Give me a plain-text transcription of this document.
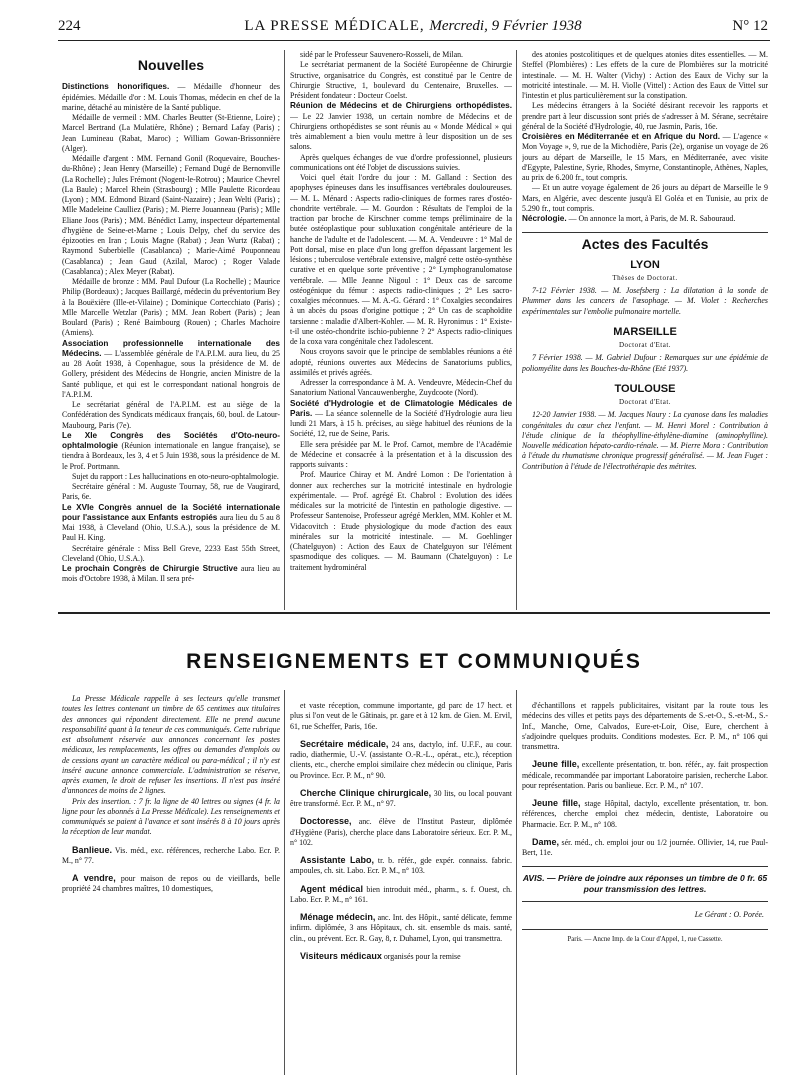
224	LA PRESSE MÉDICALE, Mercredi, 9 Février 1938	N° 12
Nouvelles

Distinctions honorifiques. — Médaille d'honneur des épidémies. Médaille d'or : M. Louis Thomas, médecin en chef de la marine, détaché au ministère de la Santé publique.

Médaille de vermeil : MM. Charles Beutter (St-Etienne, Loire) ; Marcel Bertrand (La Mulatière, Rhône) ; Bernard Lafay (Paris) ; Jean Lumineau (Rabat, Maroc) ; William Gowan-Brissonnière (Alger).

Médaille d'argent : MM. Fernand Gonil (Roquevaire, Bouches-du-Rhône) ; Jean Henry (Marseille) ; Fernand Dugé de Bernonville (La Rochelle) ; Jules Frémont (Nogent-le-Rotrou) ; Maurice Chevrel (La Baule) ; Marcel Rhein (Strasbourg) ; Mlle Paulette Ricordeau (Lyon) ; MM. Edmond Bizard (Saint-Nazaire) ; Jean Welti (Paris) ; Mlle Madeleine Caulliez (Paris) ; M. Pierre Jouanneau (Paris) ; Mlle Eliane Joos (Paris) ; MM. Bénédict Lamy, inspecteur départemental d'hygiène de Seine-et-Marne ; Louis Delpy, chef du service des épizooties en Iran ; Louis Magne (Rabat) ; Jean Wurtz (Rabat) ; Raymond Suberbielle (Casablanca) ; Marie-Aimé Pouponneau (Casablanca) ; Jean Gaud (Azilal, Maroc) ; Roger Valade (Casablanca) ; Alex Meyer (Rabat).

Médaille de bronze : MM. Paul Dufour (La Rochelle) ; Maurice Philip (Bordeaux) ; Jacques Baillargé, médecin du préventorium Bey à la Bouëxière (Ille-et-Vilaine) ; Dominique Cortecchiato (Paris) ; Mlle Marcelle Wetzlar (Paris) ; MM. Jean Robert (Paris) ; Jean Boulard (Paris) ; René Baimbourg (Rouen) ; Charles Machoire (Amiens).

Association professionnelle internationale des Médecins. — L'assemblée générale de l'A.P.I.M. aura lieu, du 25 au 28 Août 1938, à Copenhague, sous la présidence de M. de Gollery, président des Médecins de Hongrie, ancien Ministre de la Santé publique, et qui est le correspondant national hongrois de l'A.P.I.M.

Le secrétariat général de l'A.P.I.M. est au siège de la Confédération des Syndicats médicaux français, 60, boul. de Latour-Maubourg, Paris (7e).

Le XIe Congrès des Sociétés d'Oto-neuro-ophtalmologie (Réunion internationale en langue française), se tiendra à Bordeaux, les 3, 4 et 5 Juin 1938, sous la présidence de M. le Prof. Portmann.

Sujet du rapport : Les hallucinations en oto-neuro-ophtalmologie.

Secrétaire général : M. Auguste Tournay, 58, rue de Vaugirard, Paris, 6e.

Le XVIe Congrès annuel de la Société internationale pour l'assistance aux Enfants estropiés aura lieu du 5 au 8 Mai 1938, à Cleveland (Ohio, U.S.A.), sous la présidence de M. Paul H. King.

Secrétaire générale : Miss Bell Greve, 2233 East 55th Street, Cleveland (Ohio, U.S.A.).

Le prochain Congrès de Chirurgie Structive aura lieu au mois d'Octobre 1938, à Milan. Il sera pré-

sidé par le Professeur Sauvenero-Rosseli, de Milan.

Le secrétariat permanent de la Société Européenne de Chirurgie Structive, organisatrice du Congrès, est constitué par le Centre de Chirurgie Structive, 1, boulevard du Centenaire, Bruxelles. — Président fondateur : Docteur Coelst.

Réunion de Médecins et de Chirurgiens orthopédistes. — Le 22 Janvier 1938, un certain nombre de Médecins et de Chirurgiens orthopédistes se sont réunis au « Monde Médical » qui très aimablement a bien voulu mettre à leur disposition un de ses salons.

Après quelques échanges de vue d'ordre professionnel, plusieurs communications ont été l'objet de discussions suivies.

Voici quel était l'ordre du jour : M. Galland : Section des apophyses épineuses dans les insuffisances vertébrales douloureuses. — M. L. Ménard : Aspects radio-cliniques de formes rares d'ostéo-chondrite vertébrale. — M. Gourdon : Résultats de l'emploi de la traction par broche de Kirschner comme temps préliminaire de la butée ostéoplastique pour subluxation congénitale antérieure de la hanche de l'adulte et de l'adolescent. — M. A. Vendeuvre : 1° Mal de Pott dorsal, mise en place d'un long greffon dépassant largement les lésions ; tuberculose vertébrale extensive, malgré cette ostéo-synthèse curative et en quelque sorte préventive ; 2° Lymphogranulomatose vertébrale. — Mlle Jeanne Nigoul : 1° Deux cas de sarcome ostéogénique du fémur : aspects radio-cliniques ; 2° Les sacro-coxalgies méconnues. — M. A.-G. Gérard : 1° Coxalgies secondaires à un abcès du psoas d'origine pottique ; 2° Un cas de scaphoïdite tarsienne : maladie d'Albert-Kohler. — M. R. Hyronimus : 1° Existe-t-il une ostéo-chondrite ischio-pubienne ? 2° Aspects radio-cliniques de la coxa vara congénitale chez l'adolescent.

Nous croyons savoir que le principe de semblables réunions a été adopté, réunions ouvertes aux Médecins de Sanatoriums publics, assimilés et privés agréés.

Adresser la correspondance à M. A. Vendeuvre, Médecin-Chef du Sanatorium National Vancauwenberghe, Zuydcoote (Nord).

Société d'Hydrologie et de Climatologie Médicales de Paris. — La séance solennelle de la Société d'Hydrologie aura lieu lundi 21 Mars, à 15 h. précises, au siège habituel des réunions de la Société, 12, rue de Seine, Paris.

Elle sera présidée par M. le Prof. Carnot, membre de l'Académie de Médecine et consacrée à la présentation et à la discussion des rapports suivants :

Prof. Maurice Chiray et M. André Lomon : De l'orientation à donner aux recherches sur la motricité intestinale en hydrologie expérimentale. — Prof. agrégé Et. Chabrol : Evolution des idées médicales sur la motricité de l'intestin en pathologie digestive. — Professeur Santenoise, Professeur agrégé Merklen, MM. Kohler et M. Vidacovitch : Etude physiologique du mode d'action des eaux minérales sur la motricité intestinale. — M. Goehlinger (Chatelguyon) : Action des Eaux de Chatelguyon sur l'élément spasmodique des coliques. — M. Baumann (Chatelguyon) : Le traitement hydrominéral

des atonies postcolitiques et de quelques atonies dites essentielles. — M. Steffel (Plombières) : Les effets de la cure de Plombières sur la motricité intestinale. — M. H. Walter (Vichy) : Action des Eaux de Vichy sur la motricité intestinale. — M. H. Violle (Vittel) : Action des Eaux de Vittel sur l'intestin et plus particulièrement sur la constipation.

Les médecins étrangers à la Société désirant recevoir les rapports et prendre part à leur discussion sont priés de s'adresser à M. Sérane, secrétaire général de la Société d'Hydrologie, 40, rue Jasmin, Paris, 16e.

Croisières en Méditerranée et en Afrique du Nord. — L'agence « Mon Voyage », 9, rue de la Michodière, Paris (2e), organise un voyage de 26 jours au départ de Marseille, le 15 Mars, en Méditerranée, avec visite d'Egypte, Palestine, Syrie, Rhodes, Smyrne, Constantinople, Athènes, Naples, au prix de 6.200 fr., tout compris.

— Et un autre voyage également de 26 jours au départ de Marseille le 9 Mars, en Algérie, avec descente jusqu'à El Goléa et en Tunisie, au prix de 5.290 fr., tout compris.

Nécrologie. — On annonce la mort, à Paris, de M. R. Sabouraud.

Actes des Facultés
LYON
Thèses de Doctorat.

7-12 Février 1938. — M. Josefsberg : La dilatation à la sonde de Plummer dans les cancers de l'œsophage. — M. Violet : Recherches expérimentales sur l'embolie pulmonaire mortelle.

MARSEILLE
Doctorat d'Etat.

7 Février 1938. — M. Gabriel Dufour : Remarques sur une épidémie de poliomyélite dans les Bouches-du-Rhône (Eté 1937).

TOULOUSE
Doctorat d'Etat.

12-20 Janvier 1938. — M. Jacques Naury : La cyanose dans les maladies congénitales du cœur chez l'enfant. — M. Henri Morel : Contribution à l'étude clinique de la théophylline-éthylène-diamine (aminophylline). Nouvelle médication hépato-cardio-rénale. — M. Pierre Mora : Contribution à l'étude du rhumatisme chronique progressif généralisé. — M. Jean Fuget : Contribution à l'étude de l'électrothérapie des métrites.

RENSEIGNEMENTS ET COMMUNIQUÉS

La Presse Médicale rappelle à ses lecteurs qu'elle transmet toutes les lettres contenant un timbre de 65 centimes aux titulaires des annonces qui répondent directement. Elle ne prend aucune responsabilité quant à la teneur de ces communiqués. Cette rubrique est absolument réservée aux annonces concernant les postes médicaux, les remplacements, les offres ou demandes d'emplois ou de cessions ayant un caractère médical ou para-médical ; il n'y est inséré aucune annonce commerciale. L'administration se réserve, après examen, le droit de refuser les insertions. Il n'est pas inséré d'annonces de moins de 2 lignes.

Prix des insertion. : 7 fr. la ligne de 40 lettres ou signes (4 fr. la ligne pour les abonnés à La Presse Médicale). Les renseignements et communiqués se paient à l'avance et sont insérés 8 à 10 jours après la réception de leur mandat.

Banlieue. Vis. méd., exc. références, recherche Labo. Ecr. P. M., n° 77.

A vendre, pour maison de repos ou de vieillards, belle propriété 24 chambres maîtres, 10 domestiques,

et vaste réception, commune importante, gd parc de 17 hect. et plus si l'on veut de le Gâtinais, pr. gare et à 12 km. de Gien. M. Ervil, 61, rue Scheffer, Paris, 16e.

Secrétaire médicale, 24 ans, dactylo, inf. U.F.F., au cour. radio, diathermie, U.-V. (assistante O.-R.-L., opérat., etc.), réception clients, etc., cherche emploi similaire chez médecin ou clinique, Paris ou Province. Ecr. P. M., n° 90.

Cherche Clinique chirurgicale, 30 lits, ou local pouvant être transformé. Ecr. P. M., n° 97.

Doctoresse, anc. élève de l'Institut Pasteur, diplômée d'Hygiène (Paris), cherche place dans Laboratoire sérieux. Ecr. P. M., n° 102.

Assistante Labo, tr. b. référ., gde expér. connaiss. fabric. ampoules, ch. sit. Labo. Ecr. P. M., n° 103.

Agent médical bien introduit méd., pharm., s. f. Ouest, ch. Labo. Ecr. P. M., n° 161.

Ménage médecin, anc. Int. des Hôpit., santé délicate, femme infirm. diplômée, 3 ans Hôpitaux, ch. sit. ensemble ds mais. santé, clin., ou prévent. Ecr. R. Gay, 8, r. Duhamel, Lyon, qui transmettra.

Visiteurs médicaux organisés pour la remise

d'échantillons et rappels publicitaires, visitant par la route tous les médecins des villes et petits pays des départements de S.-et-O., S.-et-M., S.-Inf., Manche, Orne, Calvados, Eure-et-Loir, Oise, Eure, cherchent à s'adjoindre quelques produits. Conditions modestes. Ecr. P. M., n° 106 qui transmettra.

Jeune fille, excellente présentation, tr. bon. référ., ay. fait prospection médicale, recommandée par important Laboratoire parisien, recherche Labor. pour représentation. Paris ou banlieue. Ecr. P. M., n° 107.

Jeune fille, stage Hôpital, dactylo, excellente présentation, tr. bon. références, cherche emploi chez médecin, dentiste, Laboratoire ou Pharmacie. Ecr. P. M., n° 108.

Dame, sér. méd., ch. emploi jour ou 1/2 journée. Ollivier, 14, rue Paul-Bert, 11e.

AVIS. — Prière de joindre aux réponses un timbre de 0 fr. 65 pour transmission des lettres.
Le Gérant : O. Porée.
Paris. — Ancne Imp. de la Cour d'Appel, 1, rue Cassette.
